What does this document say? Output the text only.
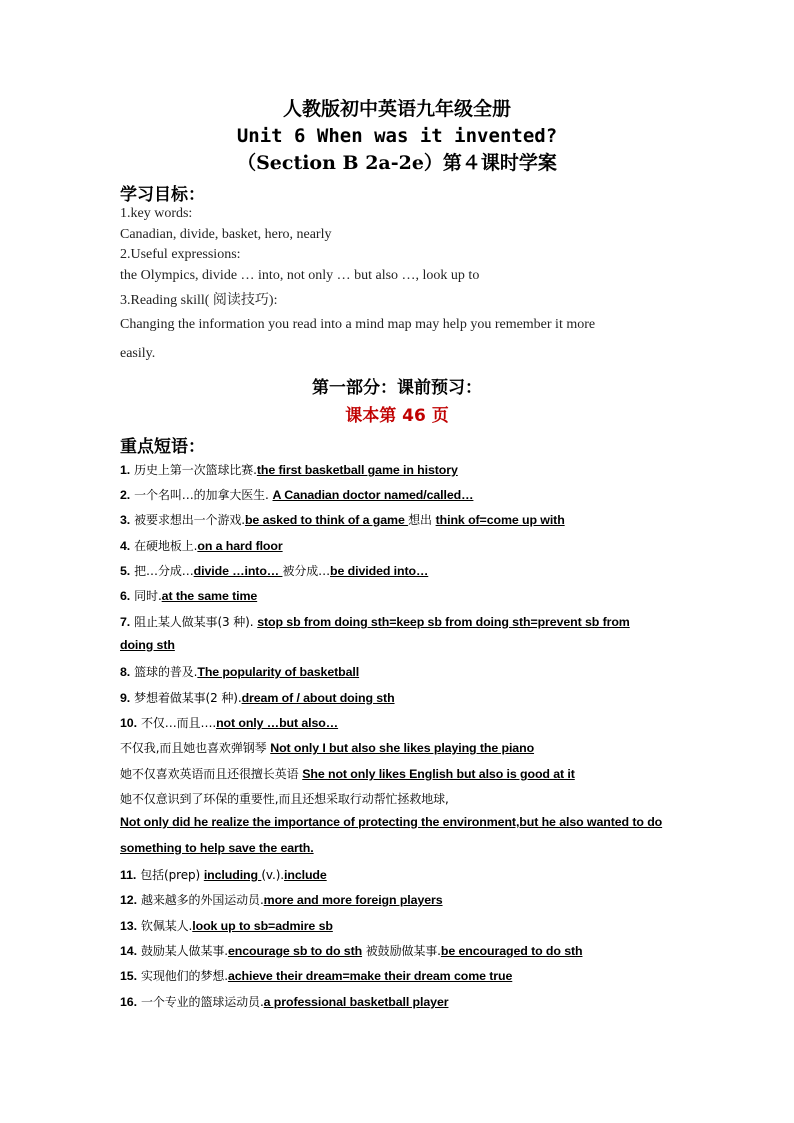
人教版初中英语九年级全册
Unit 6 When was it invented?
（Section B 2a-2e）第４课时学案
学习目标：
1.key words:
Canadian, divide, basket, hero, nearly
2.Useful expressions:
the Olympics, divide … into, not only … but also …, look up to
3.Reading skill( 阅读技巧):
Changing the information you read into a mind map may help you remember it more
easily.
第一部分：课前预习：
课本第 46 页
重点短语：
1. 历史上第一次篮球比赛.the first basketball game in history
2. 一个名叫…的加拿大医生. A Canadian doctor named/called…
3. 被要求想出一个游戏.be asked to think of a game 想出 think of=come up with
4. 在硬地板上.on a hard floor
5. 把…分成…divide …into… 被分成…be divided into…
6. 同时.at the same time
7. 阻止某人做某事(3 种). stop sb from doing sth=keep sb from doing sth=prevent sb from
doing sth
8. 篮球的普及.The popularity of basketball
9. 梦想着做某事(2 种).dream of / about doing sth
10. 不仅…而且….not only …but also…
不仅我,而且她也喜欢弹钢琴 Not only I but also she likes playing the piano
她不仅喜欢英语而且还很擅长英语 She not only likes English but also is good at it
她不仅意识到了环保的重要性,而且还想采取行动帮忙拯救地球,
Not only did he realize the importance of protecting the environment,but he also wanted to do
something to help save the earth.
11. 包括(prep) including (v.).include
12. 越来越多的外国运动员.more and more foreign players
13. 钦佩某人.look up to sb=admire sb
14. 鼓励某人做某事.encourage sb to do sth 被鼓励做某事.be encouraged to do sth
15. 实现他们的梦想.achieve their dream=make their dream come true
16. 一个专业的篮球运动员.a professional basketball player
